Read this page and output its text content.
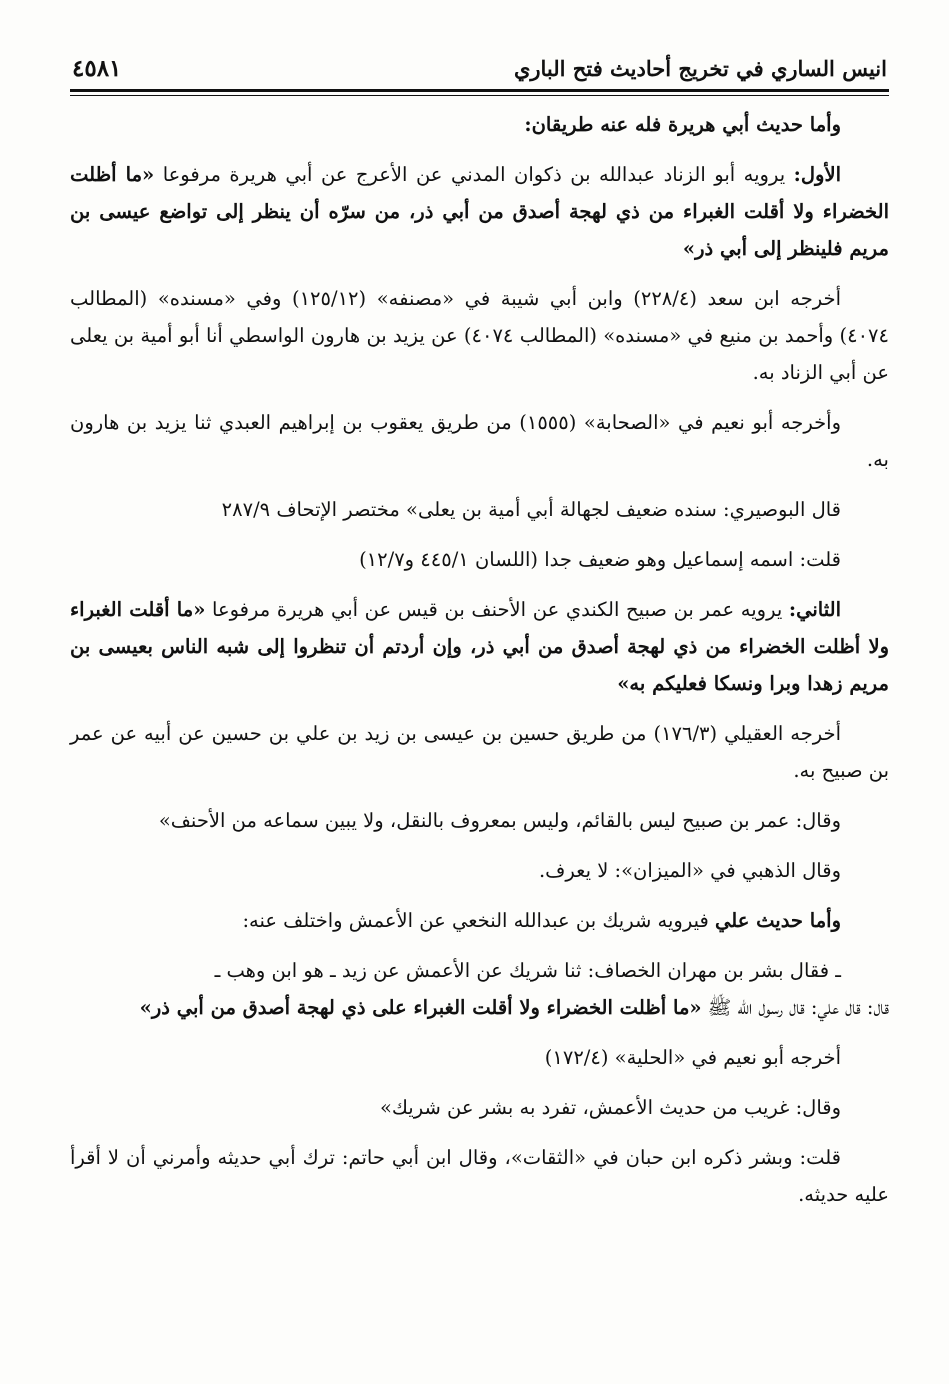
انيس الساري في تخريج أحاديث فتح الباري
٤٥٨١

وأما حديث أبي هريرة فله عنه طريقان:

الأول: يرويه أبو الزناد عبدالله بن ذكوان المدني عن الأعرج عن أبي هريرة مرفوعا «ما أظلت الخضراء ولا أقلت الغبراء من ذي لهجة أصدق من أبي ذر، من سرّه أن ينظر إلى تواضع عيسى بن مريم فلينظر إلى أبي ذر»

أخرجه ابن سعد (٢٢٨/٤) وابن أبي شيبة في «مصنفه» (١٢٥/١٢) وفي «مسنده» (المطالب ٤٠٧٤) وأحمد بن منيع في «مسنده» (المطالب ٤٠٧٤) عن يزيد بن هارون الواسطي أنا أبو أمية بن يعلى عن أبي الزناد به.

وأخرجه أبو نعيم في «الصحابة» (١٥٥٥) من طريق يعقوب بن إبراهيم العبدي ثنا يزيد بن هارون به.

قال البوصيري: سنده ضعيف لجهالة أبي أمية بن يعلى» مختصر الإتحاف ٢٨٧/٩

قلت: اسمه إسماعيل وهو ضعيف جدا (اللسان ٤٤٥/١ و١٢/٧)

الثاني: يرويه عمر بن صبيح الكندي عن الأحنف بن قيس عن أبي هريرة مرفوعا «ما أقلت الغبراء ولا أظلت الخضراء من ذي لهجة أصدق من أبي ذر، وإن أردتم أن تنظروا إلى شبه الناس بعيسى بن مريم زهدا وبرا ونسكا فعليكم به»

أخرجه العقيلي (١٧٦/٣) من طريق حسين بن عيسى بن زيد بن علي بن حسين عن أبيه عن عمر بن صبيح به.

وقال: عمر بن صبيح ليس بالقائم، وليس بمعروف بالنقل، ولا يبين سماعه من الأحنف»

وقال الذهبي في «الميزان»: لا يعرف.

وأما حديث علي فيرويه شريك بن عبدالله النخعي عن الأعمش واختلف عنه:

ـ فقال بشر بن مهران الخصاف: ثنا شريك عن الأعمش عن زيد ـ هو ابن وهب ـ
قال: قال علي: قال رسول الله ﷺ «ما أظلت الخضراء ولا أقلت الغبراء على ذي لهجة أصدق من أبي ذر»

أخرجه أبو نعيم في «الحلية» (١٧٢/٤)

وقال: غريب من حديث الأعمش، تفرد به بشر عن شريك»

قلت: وبشر ذكره ابن حبان في «الثقات»، وقال ابن أبي حاتم: ترك أبي حديثه وأمرني أن لا أقرأ عليه حديثه.
